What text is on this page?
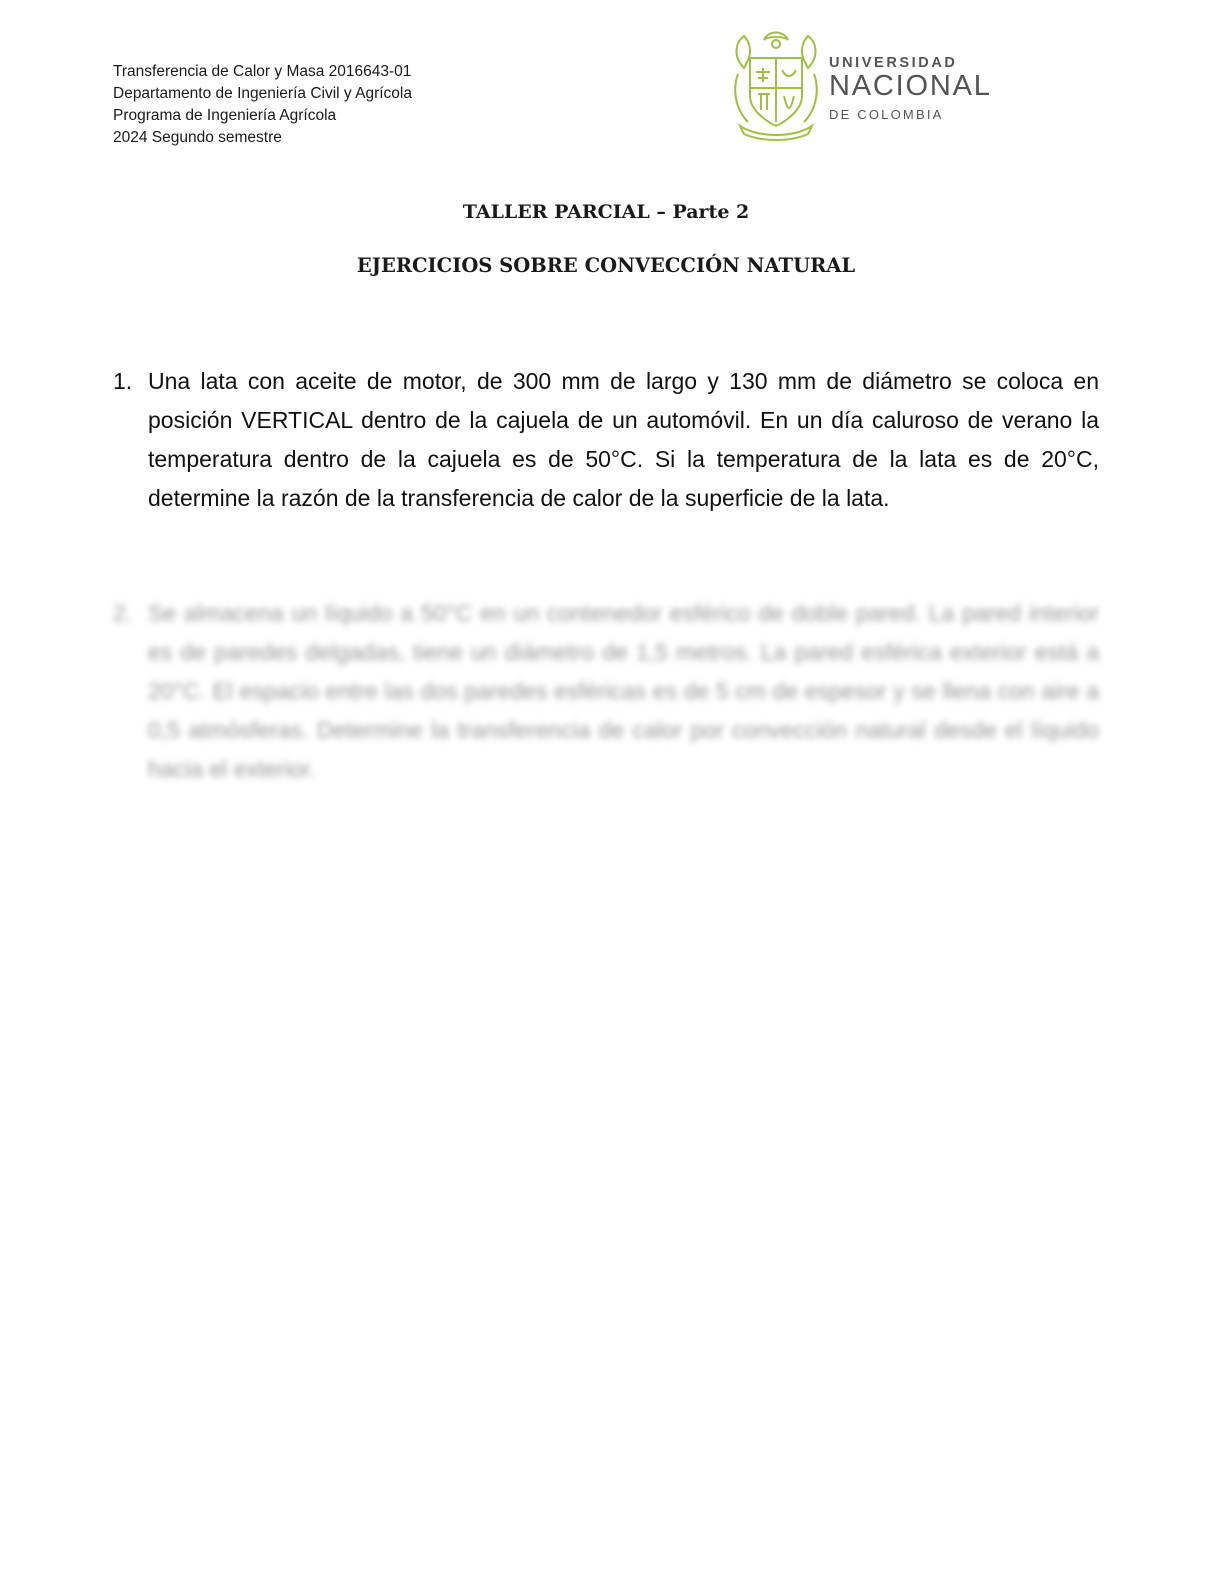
Transferencia de Calor y Masa 2016643-01
Departamento de Ingeniería Civil y Agrícola
Programa de Ingeniería Agrícola
2024 Segundo semestre
UNIVERSIDAD
NACIONAL
DE COLOMBIA
TALLER PARCIAL – Parte 2
EJERCICIOS SOBRE CONVECCIÓN NATURAL
1. Una lata con aceite de motor, de 300 mm de largo y 130 mm de diámetro se coloca en posición VERTICAL dentro de la cajuela de un automóvil. En un día caluroso de verano la temperatura dentro de la cajuela es de 50°C. Si la temperatura de la lata es de 20°C, determine la razón de la transferencia de calor de la superficie de la lata.
2. Se almacena un líquido a 50°C en un contenedor esférico de doble pared. La pared interior es de paredes delgadas, tiene un diámetro de 1,5 metros. La pared esférica exterior está a 20°C. El espacio entre las dos paredes esféricas es de 5 cm de espesor y se llena con aire a 0,5 atmósferas. Determine la transferencia de calor por convección natural desde el líquido hacia el exterior.
